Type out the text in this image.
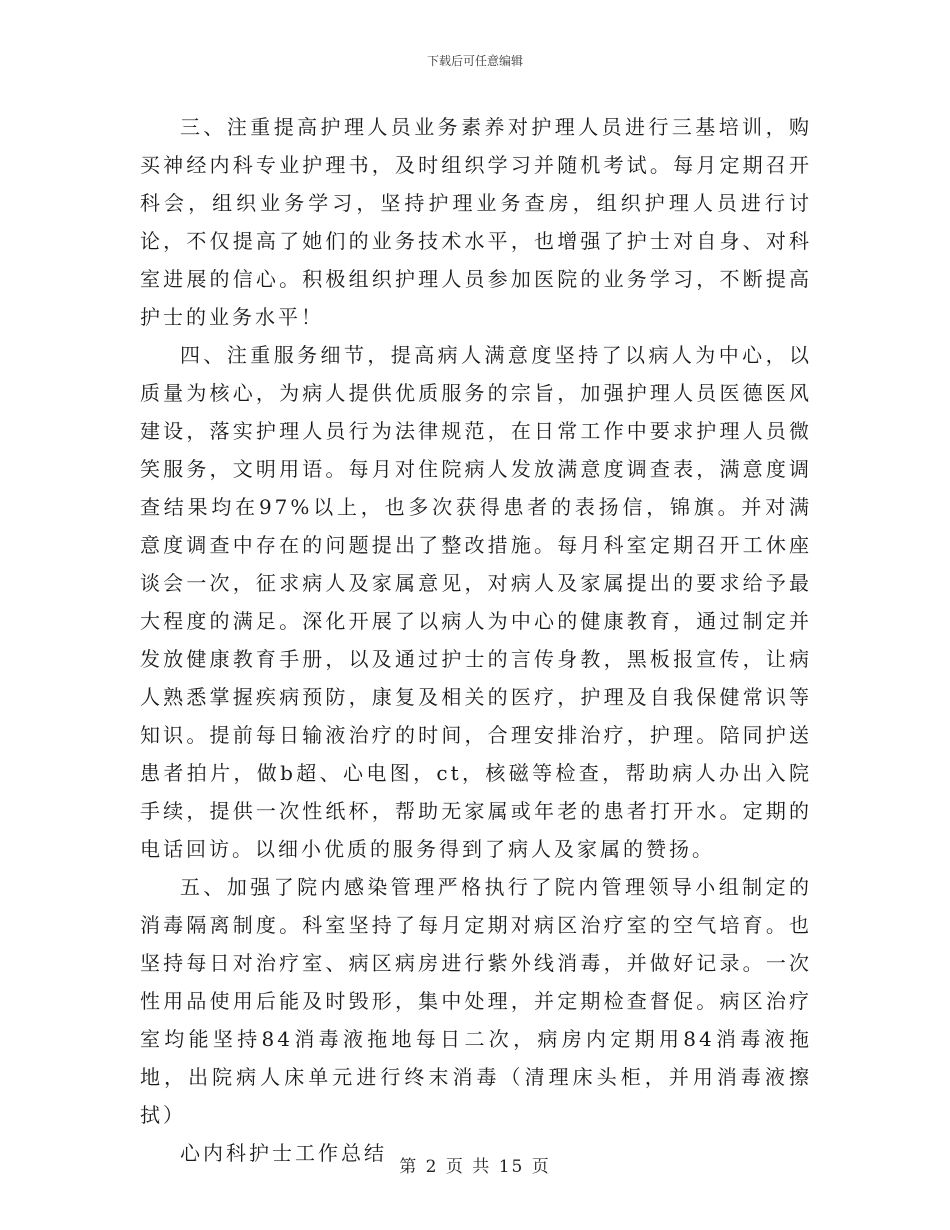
下载后可任意编辑

三、注重提高护理人员业务素养对护理人员进行三基培训，购买神经内科专业护理书，及时组织学习并随机考试。每月定期召开科会，组织业务学习，坚持护理业务查房，组织护理人员进行讨论，不仅提高了她们的业务技术水平，也增强了护士对自身、对科室进展的信心。积极组织护理人员参加医院的业务学习，不断提高护士的业务水平！

四、注重服务细节，提高病人满意度坚持了以病人为中心，以质量为核心，为病人提供优质服务的宗旨，加强护理人员医德医风建设，落实护理人员行为法律规范，在日常工作中要求护理人员微笑服务，文明用语。每月对住院病人发放满意度调查表，满意度调查结果均在97%以上，也多次获得患者的表扬信，锦旗。并对满意度调查中存在的问题提出了整改措施。每月科室定期召开工休座谈会一次，征求病人及家属意见，对病人及家属提出的要求给予最大程度的满足。深化开展了以病人为中心的健康教育，通过制定并发放健康教育手册，以及通过护士的言传身教，黑板报宣传，让病人熟悉掌握疾病预防，康复及相关的医疗，护理及自我保健常识等知识。提前每日输液治疗的时间，合理安排治疗，护理。陪同护送患者拍片，做b超、心电图，ct，核磁等检查，帮助病人办出入院手续，提供一次性纸杯，帮助无家属或年老的患者打开水。定期的电话回访。以细小优质的服务得到了病人及家属的赞扬。

五、加强了院内感染管理严格执行了院内管理领导小组制定的消毒隔离制度。科室坚持了每月定期对病区治疗室的空气培育。也坚持每日对治疗室、病区病房进行紫外线消毒，并做好记录。一次性用品使用后能及时毁形，集中处理，并定期检查督促。病区治疗室均能坚持84消毒液拖地每日二次，病房内定期用84消毒液拖地，出院病人床单元进行终末消毒（清理床头柜，并用消毒液擦拭）

心内科护士工作总结

第 2 页 共 15 页
